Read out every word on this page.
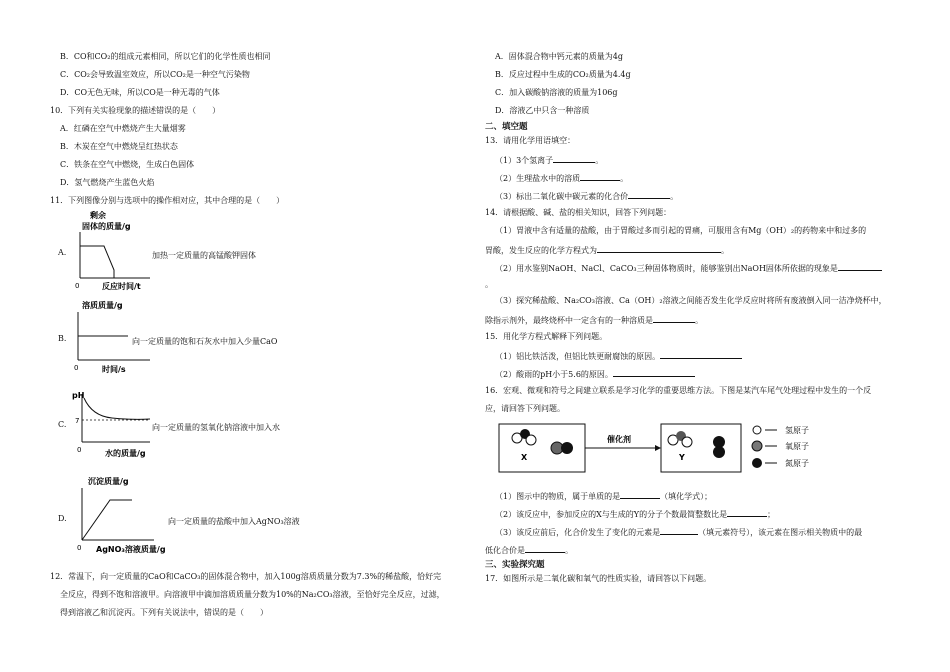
B．CO和CO₂的组成元素相同，所以它们的化学性质也相同
C．CO₂会导致温室效应，所以CO₂是一种空气污染物
D．CO无色无味，所以CO是一种无毒的气体
10．下列有关实验现象的描述错误的是（　　）
A．红磷在空气中燃烧产生大量烟雾
B．木炭在空气中燃烧呈红热状态
C．铁条在空气中燃烧，生成白色固体
D．氢气燃烧产生蓝色火焰
11．下列图像分别与选项中的操作相对应，其中合理的是（　　）
A.
剩余
固体的质量/g
0	反应时间/t
加热一定质量的高锰酸钾固体
B.
溶质质量/g
0	时间/s
向一定质量的饱和石灰水中加入少量CaO
C.
pH
7
0	水的质量/g
向一定质量的氢氧化钠溶液中加入水
D.
沉淀质量/g
0 AgNO₃溶液质量/g
向一定质量的盐酸中加入AgNO₃溶液
12．常温下，向一定质量的CaO和CaCO₃的固体混合物中，加入100g溶质质量分数为7.3%的稀盐酸，恰好完
全反应，得到不饱和溶液甲。向溶液甲中滴加溶质质量分数为10%的Na₂CO₃溶液，至恰好完全反应，过滤，
得到溶液乙和沉淀丙。下列有关说法中，错误的是（　　）
A．固体混合物中钙元素的质量为4g
B．反应过程中生成的CO₂质量为4.4g
C．加入碳酸钠溶液的质量为106g
D．溶液乙中只含一种溶质
二、填空题
13．请用化学用语填空：
（1）3个氢离子	。
（2）生理盐水中的溶质	。
（3）标出二氧化碳中碳元素的化合价	。
14．请根据酸、碱、盐的相关知识，回答下列问题：
（1）胃液中含有适量的盐酸，由于胃酸过多而引起的胃痛，可服用含有Mg（OH）₂的药物来中和过多的
胃酸，发生反应的化学方程式为	。
（2）用水鉴别NaOH、NaCl、CaCO₃三种固体物质时，能够鉴别出NaOH固体所依据的现象是
。
（3）探究稀盐酸、Na₂CO₃溶液、Ca（OH）₂溶液之间能否发生化学反应时将所有废液倒入同一洁净烧杯中，
除指示剂外，最终烧杯中一定含有的一种溶质是	。
15．用化学方程式解释下列问题。
（1）铝比铁活泼，但铝比铁更耐腐蚀的原因。
（2）酸雨的pH小于5.6的原因。
16．宏观、微观和符号之间建立联系是学习化学的重要思维方法。下图是某汽车尾气处理过程中发生的一个反
应，请回答下列问题。
X
催化剂
Y
氢原子
氧原子
氮原子
（1）图示中的物质，属于单质的是	（填化学式）；
（2）该反应中，参加反应的X与生成的Y的分子个数最简整数比是	；
（3）该反应前后，化合价发生了变化的元素是	（填元素符号），该元素在图示相关物质中的最
低化合价是	。
三、实验探究题
17．如图所示是二氧化碳和氧气的性质实验，请回答以下问题。
